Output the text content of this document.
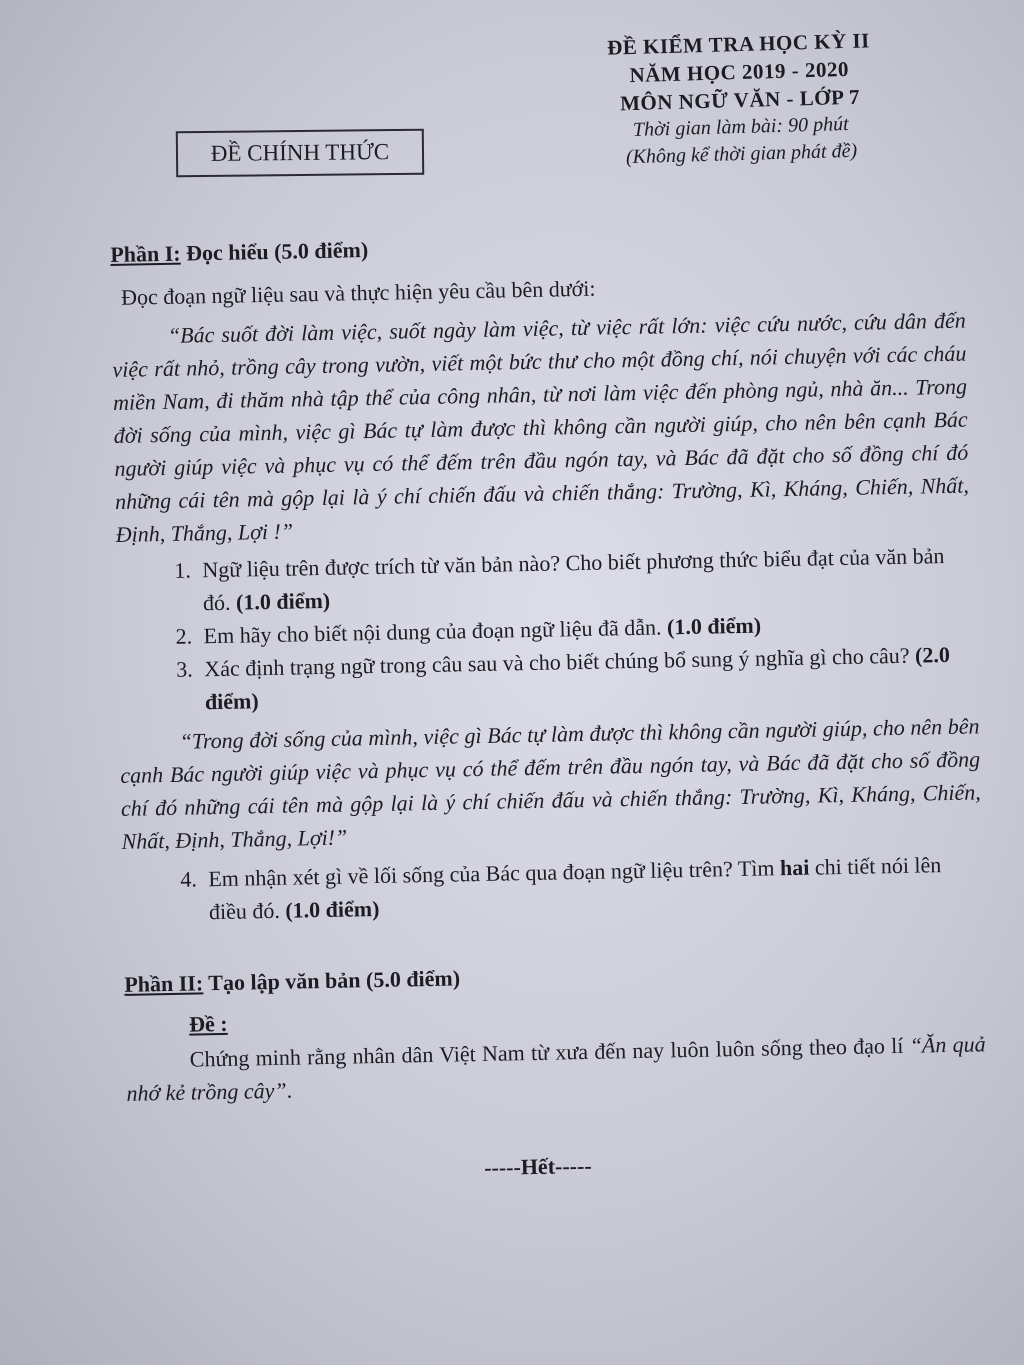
ĐỀ KIỂM TRA HỌC KỲ II
NĂM HỌC 2019 - 2020
MÔN NGỮ VĂN - LỚP 7
Thời gian làm bài: 90 phút
(Không kể thời gian phát đề)
ĐỀ CHÍNH THỨC

Phần I: Đọc hiểu (5.0 điểm)

Đọc đoạn ngữ liệu sau và thực hiện yêu cầu bên dưới:

“Bác suốt đời làm việc, suốt ngày làm việc, từ việc rất lớn: việc cứu nước, cứu dân đến việc rất nhỏ, trồng cây trong vườn, viết một bức thư cho một đồng chí, nói chuyện với các cháu miền Nam, đi thăm nhà tập thể của công nhân, từ nơi làm việc đến phòng ngủ, nhà ăn... Trong đời sống của mình, việc gì Bác tự làm được thì không cần người giúp, cho nên bên cạnh Bác người giúp việc và phục vụ có thể đếm trên đầu ngón tay, và Bác đã đặt cho số đồng chí đó những cái tên mà gộp lại là ý chí chiến đấu và chiến thắng: Trường, Kì, Kháng, Chiến, Nhất, Định, Thắng, Lợi !”

1. Ngữ liệu trên được trích từ văn bản nào? Cho biết phương thức biểu đạt của văn bản đó. (1.0 điểm)
2. Em hãy cho biết nội dung của đoạn ngữ liệu đã dẫn. (1.0 điểm)
3. Xác định trạng ngữ trong câu sau và cho biết chúng bổ sung ý nghĩa gì cho câu? (2.0 điểm)

“Trong đời sống của mình, việc gì Bác tự làm được thì không cần người giúp, cho nên bên cạnh Bác người giúp việc và phục vụ có thể đếm trên đầu ngón tay, và Bác đã đặt cho số đồng chí đó những cái tên mà gộp lại là ý chí chiến đấu và chiến thắng: Trường, Kì, Kháng, Chiến, Nhất, Định, Thắng, Lợi!”

4. Em nhận xét gì về lối sống của Bác qua đoạn ngữ liệu trên? Tìm hai chi tiết nói lên điều đó. (1.0 điểm)

Phần II: Tạo lập văn bản (5.0 điểm)

Đề :

Chứng minh rằng nhân dân Việt Nam từ xưa đến nay luôn luôn sống theo đạo lí “Ăn quả nhớ kẻ trồng cây”.

-----Hết-----
